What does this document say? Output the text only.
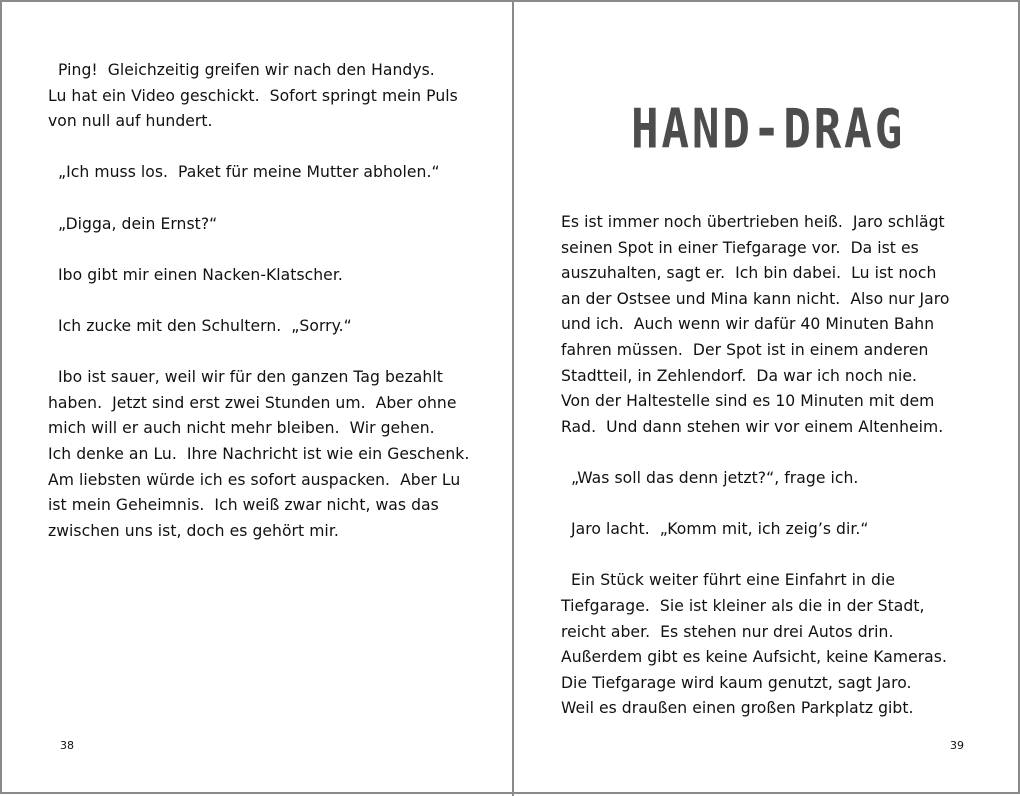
Ping!  Gleichzeitig greifen wir nach den Handys.
Lu hat ein Video geschickt.  Sofort springt mein Puls
von null auf hundert.
„Ich muss los.  Paket für meine Mutter abholen.“
„Digga, dein Ernst?“
Ibo gibt mir einen Nacken-Klatscher.
Ich zucke mit den Schultern.  „Sorry.“
Ibo ist sauer, weil wir für den ganzen Tag bezahlt
haben.  Jetzt sind erst zwei Stunden um.  Aber ohne
mich will er auch nicht mehr bleiben.  Wir gehen.
Ich denke an Lu.  Ihre Nachricht ist wie ein Geschenk.
Am liebsten würde ich es sofort auspacken.  Aber Lu
ist mein Geheimnis.  Ich weiß zwar nicht, was das
zwischen uns ist, doch es gehört mir.
38
HAND-DRAG
Es ist immer noch übertrieben heiß.  Jaro schlägt
seinen Spot in einer Tiefgarage vor.  Da ist es
auszuhalten, sagt er.  Ich bin dabei.  Lu ist noch
an der Ostsee und Mina kann nicht.  Also nur Jaro
und ich.  Auch wenn wir dafür 40 Minuten Bahn
fahren müssen.  Der Spot ist in einem anderen
Stadtteil, in Zehlendorf.  Da war ich noch nie.
Von der Haltestelle sind es 10 Minuten mit dem
Rad.  Und dann stehen wir vor einem Altenheim.
„Was soll das denn jetzt?“, frage ich.
Jaro lacht.  „Komm mit, ich zeig’s dir.“
Ein Stück weiter führt eine Einfahrt in die
Tiefgarage.  Sie ist kleiner als die in der Stadt,
reicht aber.  Es stehen nur drei Autos drin.
Außerdem gibt es keine Aufsicht, keine Kameras.
Die Tiefgarage wird kaum genutzt, sagt Jaro.
Weil es draußen einen großen Parkplatz gibt.
39
